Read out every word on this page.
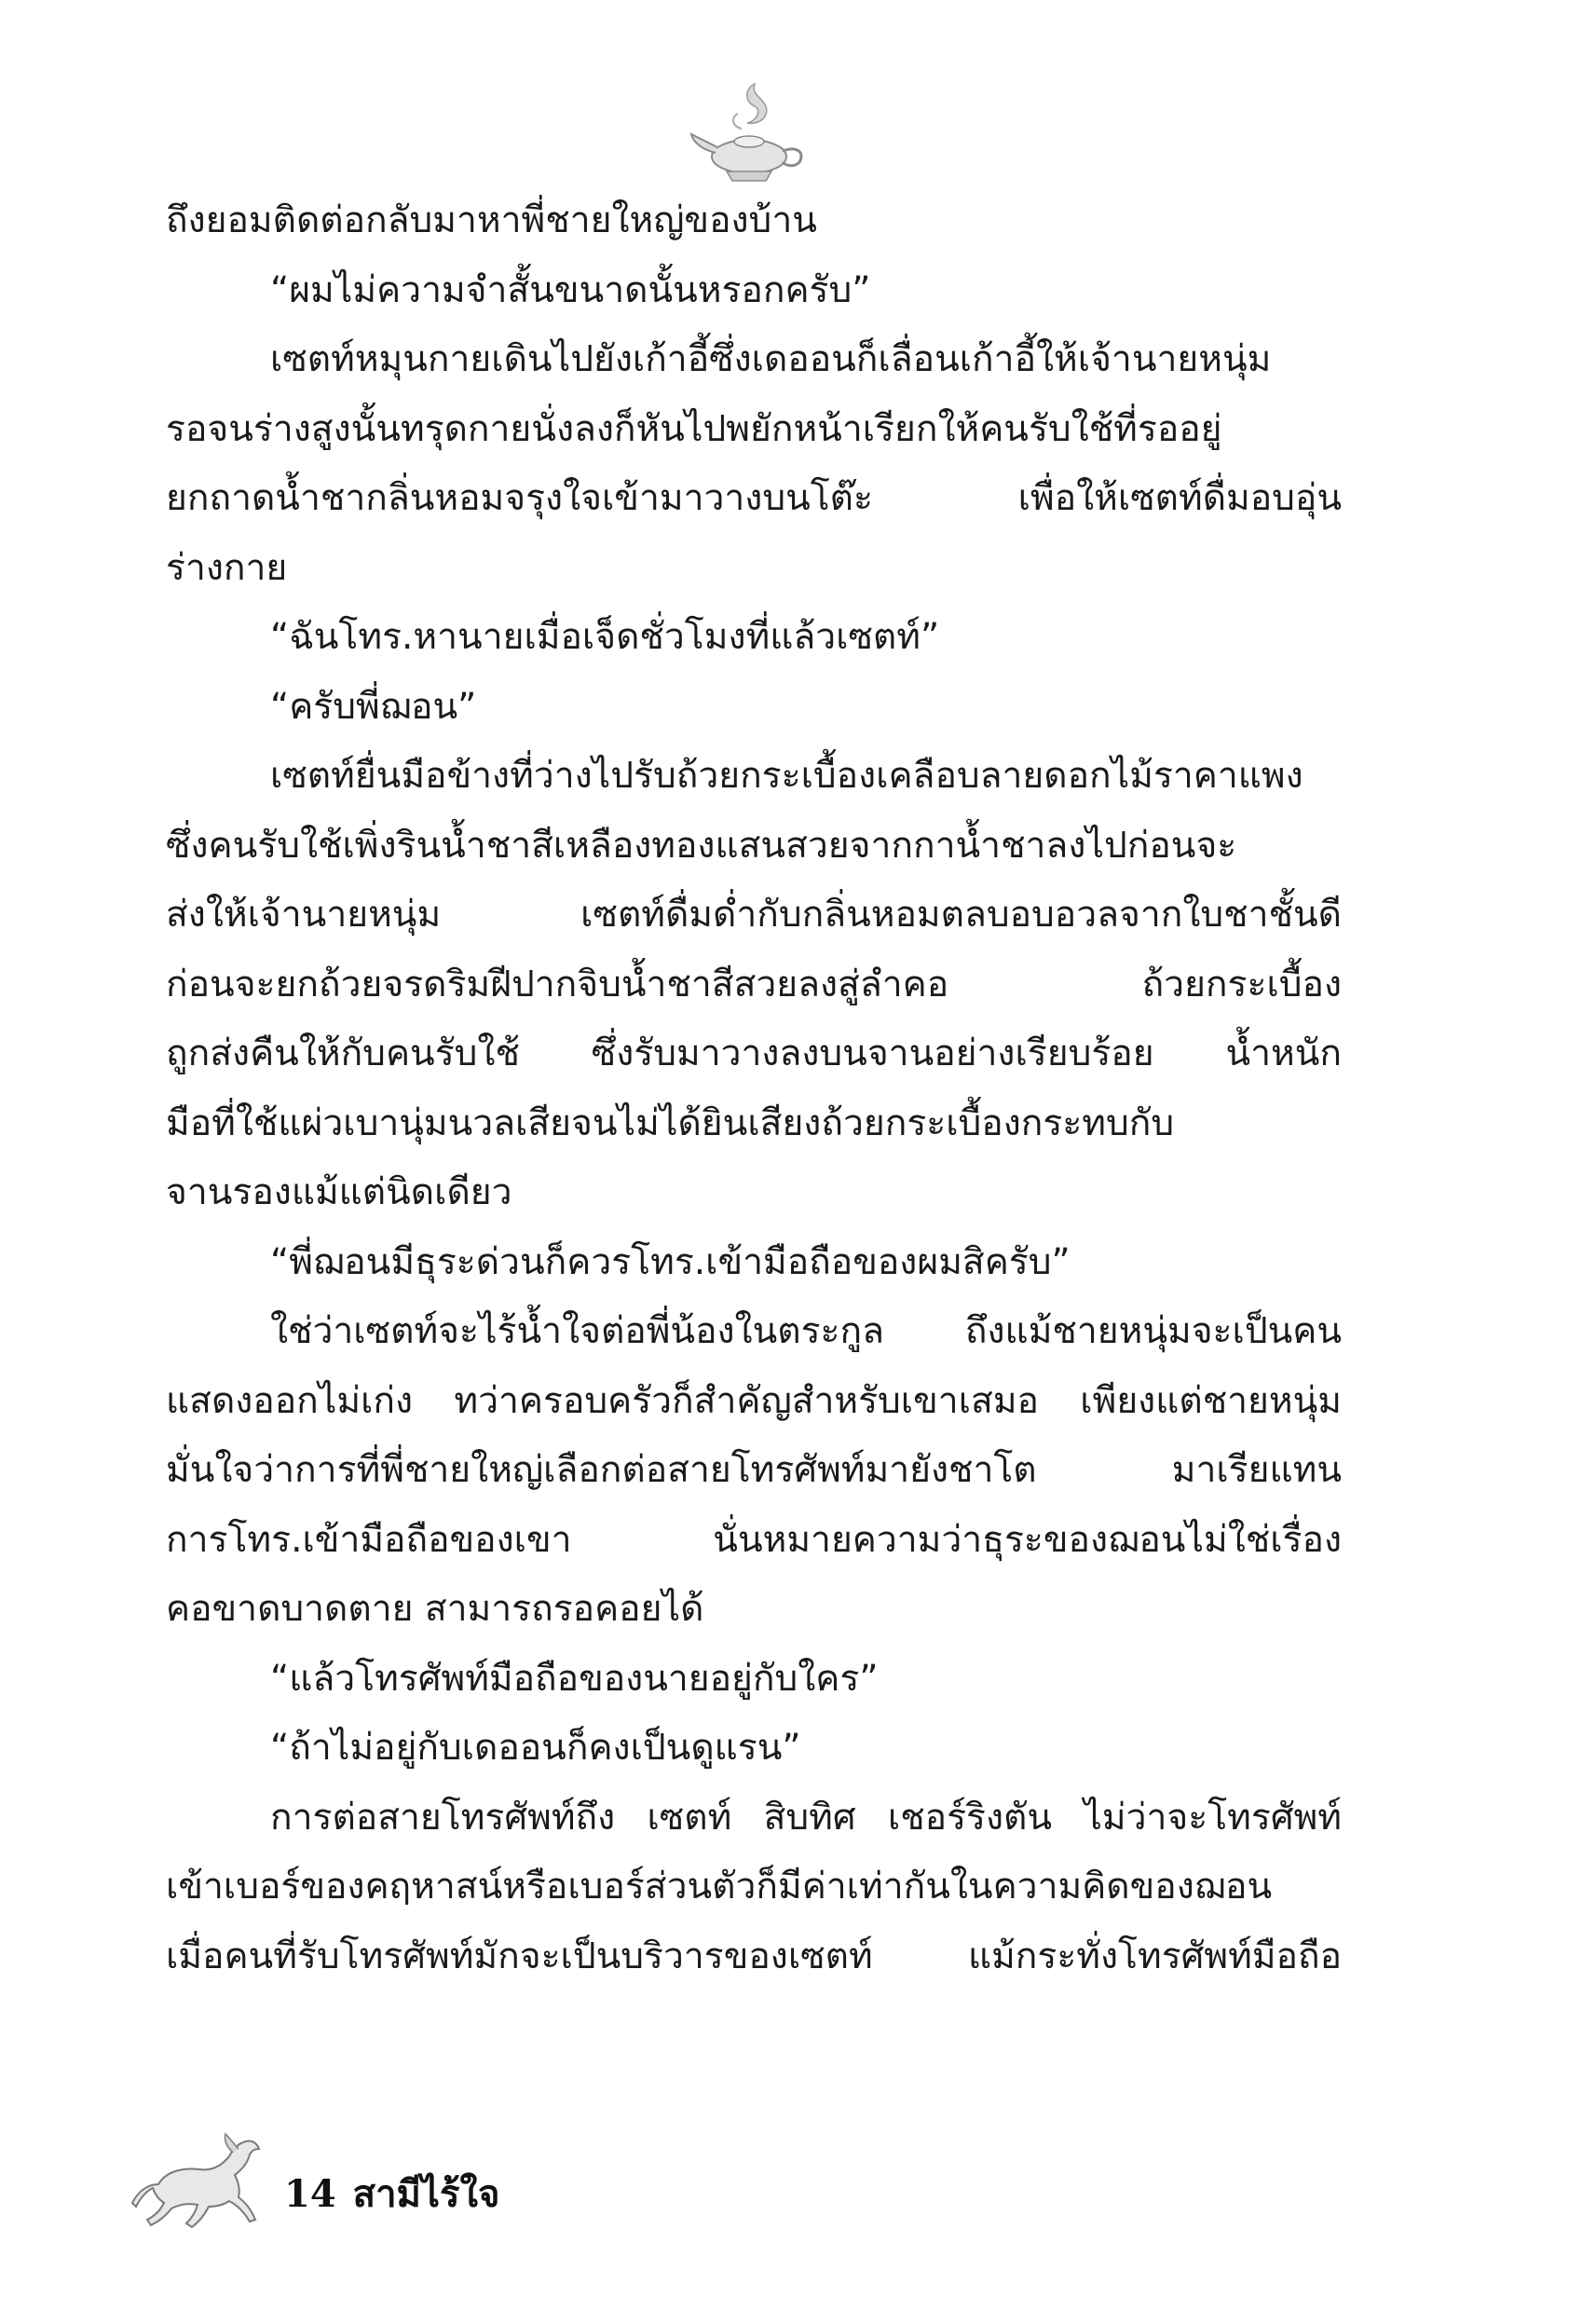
ถึงยอมติดต่อกลับมาหาพี่ชายใหญ่ของบ้าน
“ผมไม่ความจำสั้นขนาดนั้นหรอกครับ”
เซตท์หมุนกายเดินไปยังเก้าอี้ซึ่งเดออนก็เลื่อนเก้าอี้ให้เจ้านายหนุ่ม
รอจนร่างสูงนั้นทรุดกายนั่งลงก็หันไปพยักหน้าเรียกให้คนรับใช้ที่รออยู่
ยกถาดน้ำชากลิ่นหอมจรุงใจเข้ามาวางบนโต๊ะ เพื่อให้เซตท์ดื่มอบอุ่น
ร่างกาย
“ฉันโทร.หานายเมื่อเจ็ดชั่วโมงที่แล้วเซตท์”
“ครับพี่ฌอน”
เซตท์ยื่นมือข้างที่ว่างไปรับถ้วยกระเบื้องเคลือบลายดอกไม้ราคาแพง
ซึ่งคนรับใช้เพิ่งรินน้ำชาสีเหลืองทองแสนสวยจากกาน้ำชาลงไปก่อนจะ
ส่งให้เจ้านายหนุ่ม เซตท์ดื่มด่ำกับกลิ่นหอมตลบอบอวลจากใบชาชั้นดี
ก่อนจะยกถ้วยจรดริมฝีปากจิบน้ำชาสีสวยลงสู่ลำคอ ถ้วยกระเบื้อง
ถูกส่งคืนให้กับคนรับใช้ ซึ่งรับมาวางลงบนจานอย่างเรียบร้อย น้ำหนัก
มือที่ใช้แผ่วเบานุ่มนวลเสียจนไม่ได้ยินเสียงถ้วยกระเบื้องกระทบกับ
จานรองแม้แต่นิดเดียว
“พี่ฌอนมีธุระด่วนก็ควรโทร.เข้ามือถือของผมสิครับ”
ใช่ว่าเซตท์จะไร้น้ำใจต่อพี่น้องในตระกูล ถึงแม้ชายหนุ่มจะเป็นคน
แสดงออกไม่เก่ง ทว่าครอบครัวก็สำคัญสำหรับเขาเสมอ เพียงแต่ชายหนุ่ม
มั่นใจว่าการที่พี่ชายใหญ่เลือกต่อสายโทรศัพท์มายังชาโต มาเรียแทน
การโทร.เข้ามือถือของเขา นั่นหมายความว่าธุระของฌอนไม่ใช่เรื่อง
คอขาดบาดตาย สามารถรอคอยได้
“แล้วโทรศัพท์มือถือของนายอยู่กับใคร”
“ถ้าไม่อยู่กับเดออนก็คงเป็นดูแรน”
การต่อสายโทรศัพท์ถึง เซตท์ สิบทิศ เชอร์ริงตัน ไม่ว่าจะโทรศัพท์
เข้าเบอร์ของคฤหาสน์หรือเบอร์ส่วนตัวก็มีค่าเท่ากันในความคิดของฌอน
เมื่อคนที่รับโทรศัพท์มักจะเป็นบริวารของเซตท์ แม้กระทั่งโทรศัพท์มือถือ
14 สามีไร้ใจ
